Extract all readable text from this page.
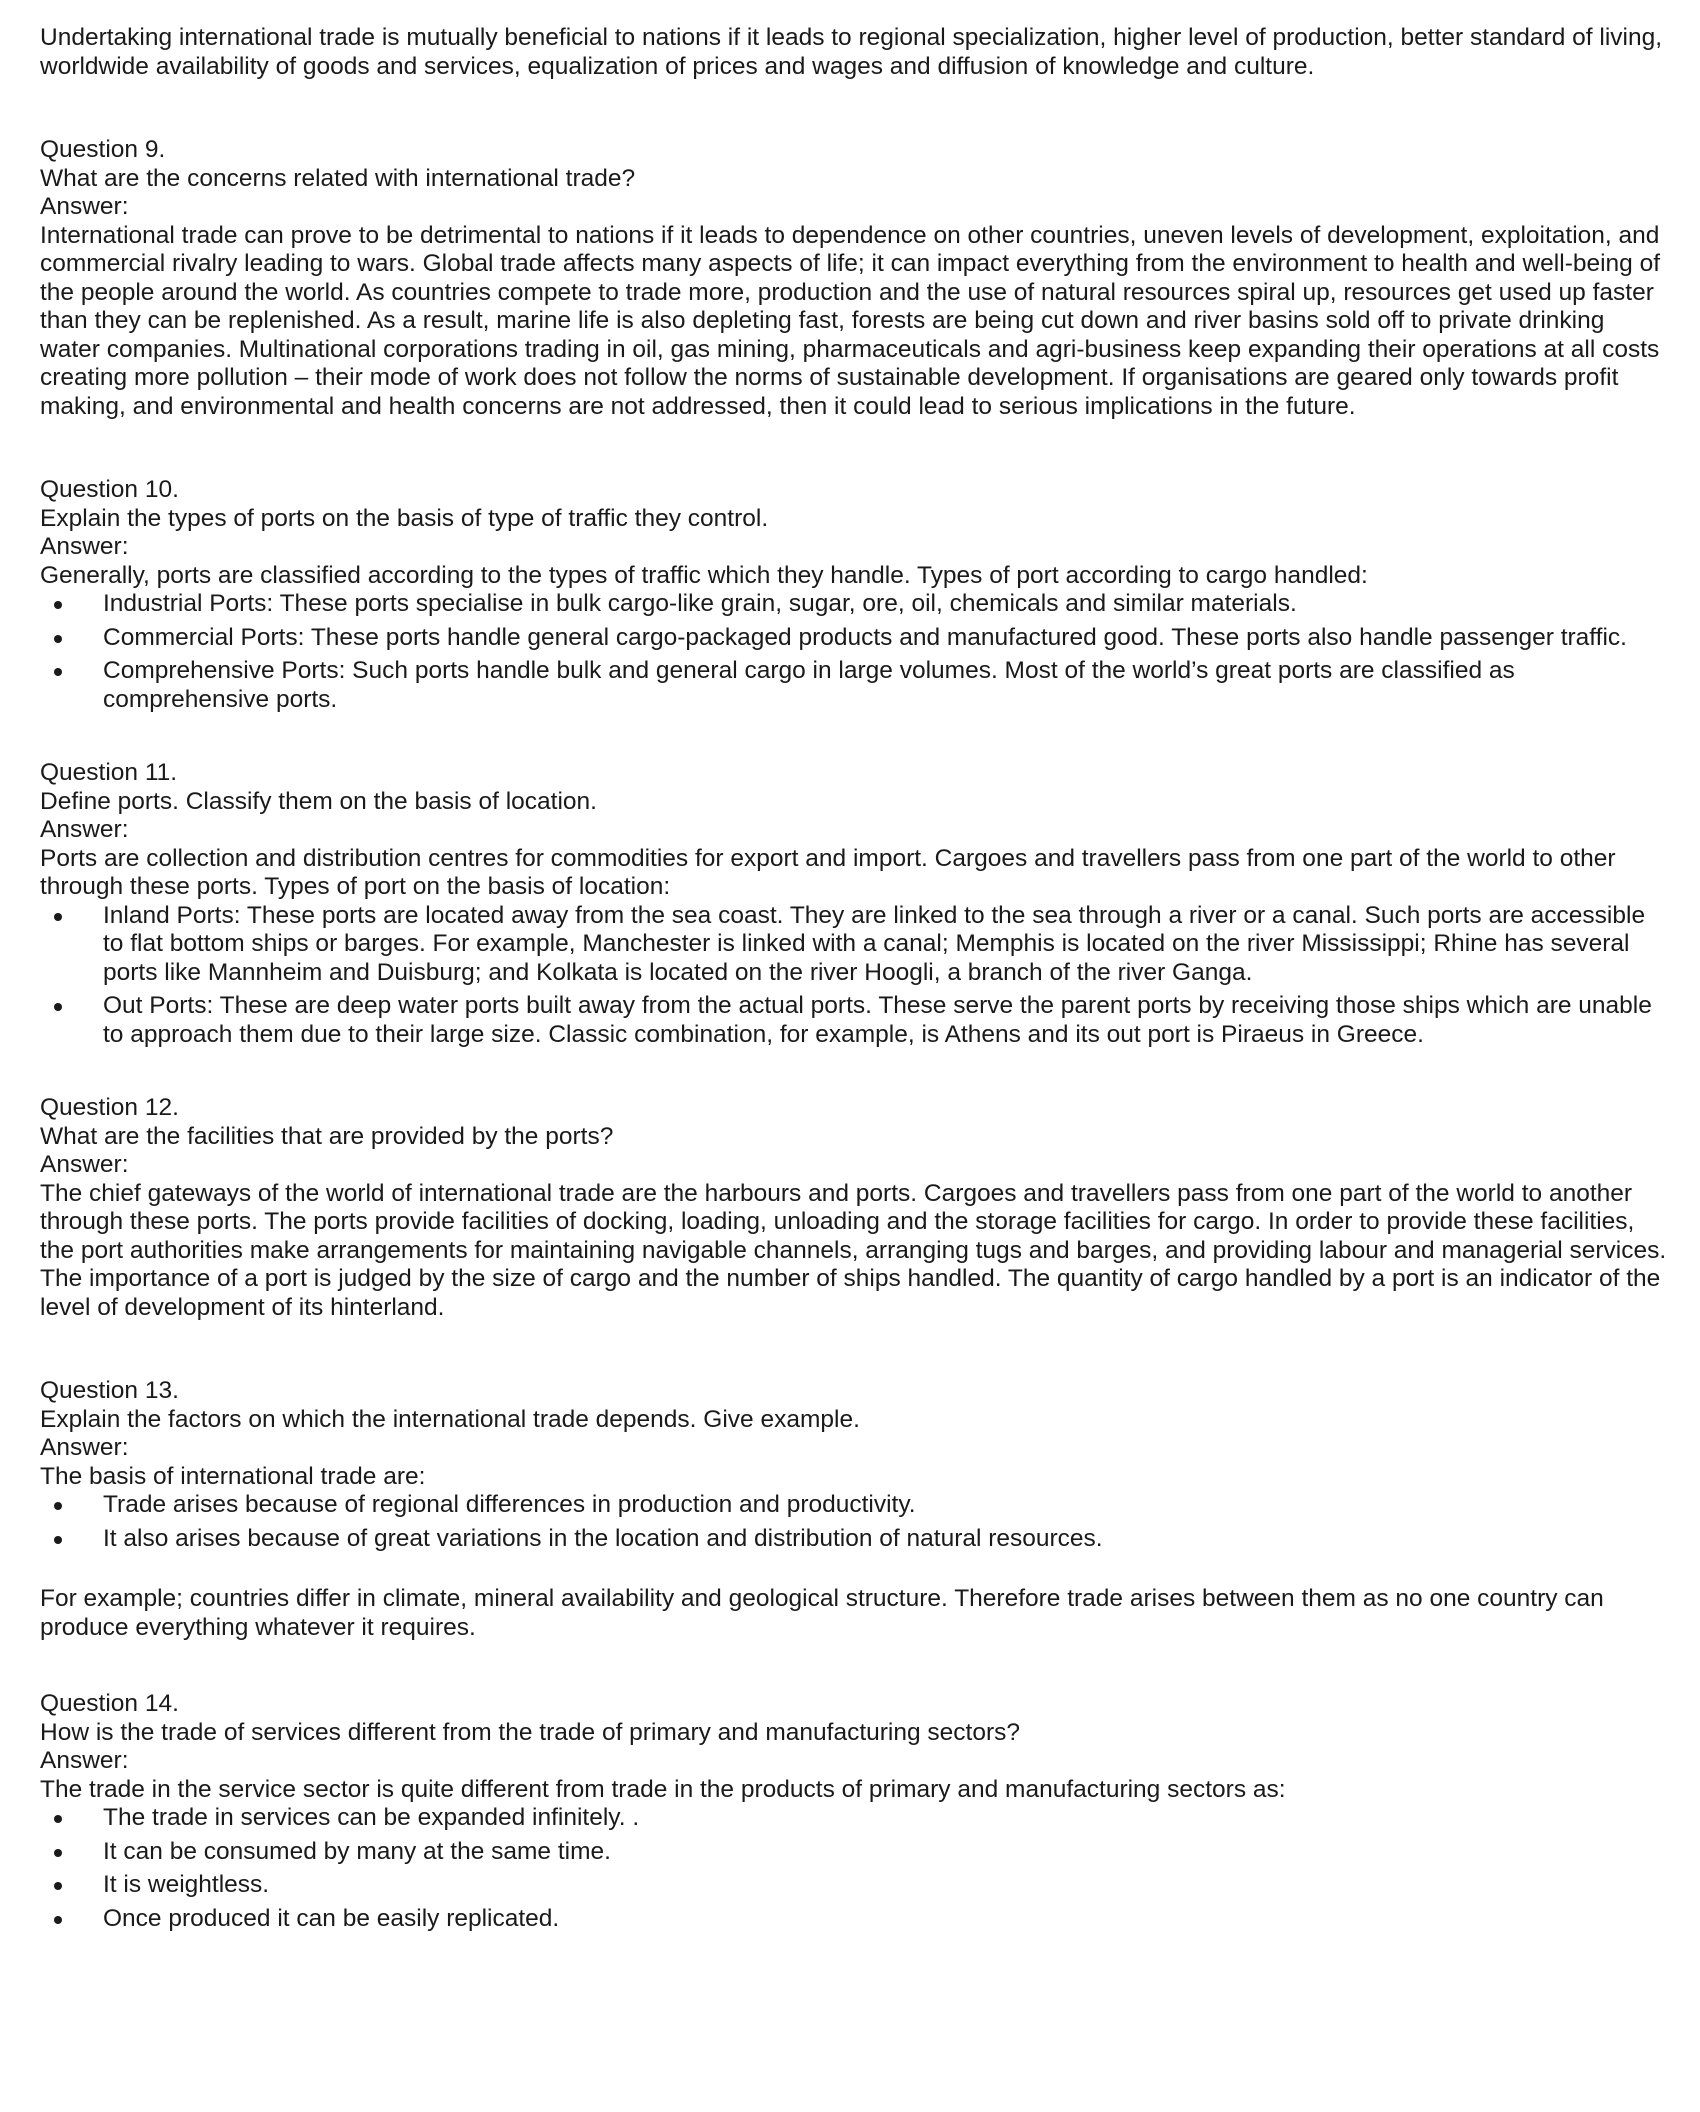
Undertaking international trade is mutually beneficial to nations if it leads to regional specialization, higher level of production, better standard of living, worldwide availability of goods and services, equalization of prices and wages and diffusion of knowledge and culture.

Question 9.

What are the concerns related with international trade?

Answer:

International trade can prove to be detrimental to nations if it leads to dependence on other countries, uneven levels of development, exploitation, and commercial rivalry leading to wars. Global trade affects many aspects of life; it can impact everything from the environment to health and well-being of the people around the world. As countries compete to trade more, production and the use of natural resources spiral up, resources get used up faster than they can be replenished. As a result, marine life is also depleting fast, forests are being cut down and river basins sold off to private drinking water companies. Multinational corporations trading in oil, gas mining, pharmaceuticals and agri-business keep expanding their operations at all costs creating more pollution – their mode of work does not follow the norms of sustainable development. If organisations are geared only towards profit making, and environmental and health concerns are not addressed, then it could lead to serious implications in the future.

Question 10.

Explain the types of ports on the basis of type of traffic they control.

Answer:

Generally, ports are classified according to the types of traffic which they handle. Types of port according to cargo handled:

Industrial Ports: These ports specialise in bulk cargo-like grain, sugar, ore, oil, chemicals and similar materials.
Commercial Ports: These ports handle general cargo-packaged products and manufactured good. These ports also handle passenger traffic.
Comprehensive Ports: Such ports handle bulk and general cargo in large volumes. Most of the world’s great ports are classified as comprehensive ports.

Question 11.

Define ports. Classify them on the basis of location.

Answer:

Ports are collection and distribution centres for commodities for export and import. Cargoes and travellers pass from one part of the world to other through these ports. Types of port on the basis of location:

Inland Ports: These ports are located away from the sea coast. They are linked to the sea through a river or a canal. Such ports are accessible to flat bottom ships or barges. For example, Manchester is linked with a canal; Memphis is located on the river Mississippi; Rhine has several ports like Mannheim and Duisburg; and Kolkata is located on the river Hoogli, a branch of the river Ganga.
Out Ports: These are deep water ports built away from the actual ports. These serve the parent ports by receiving those ships which are unable to approach them due to their large size. Classic combination, for example, is Athens and its out port is Piraeus in Greece.

Question 12.

What are the facilities that are provided by the ports?

Answer:

The chief gateways of the world of international trade are the harbours and ports. Cargoes and travellers pass from one part of the world to another through these ports. The ports provide facilities of docking, loading, unloading and the storage facilities for cargo. In order to provide these facilities, the port authorities make arrangements for maintaining navigable channels, arranging tugs and barges, and providing labour and managerial services. The importance of a port is judged by the size of cargo and the number of ships handled. The quantity of cargo handled by a port is an indicator of the level of development of its hinterland.

Question 13.

Explain the factors on which the international trade depends. Give example.

Answer:

The basis of international trade are:

Trade arises because of regional differences in production and productivity.
It also arises because of great variations in the location and distribution of natural resources.

For example; countries differ in climate, mineral availability and geological structure. Therefore trade arises between them as no one country can produce everything whatever it requires.

Question 14.

How is the trade of services different from the trade of primary and manufacturing sectors?

Answer:

The trade in the service sector is quite different from trade in the products of primary and manufacturing sectors as:

The trade in services can be expanded infinitely. .
It can be consumed by many at the same time.
It is weightless.
Once produced it can be easily replicated.
